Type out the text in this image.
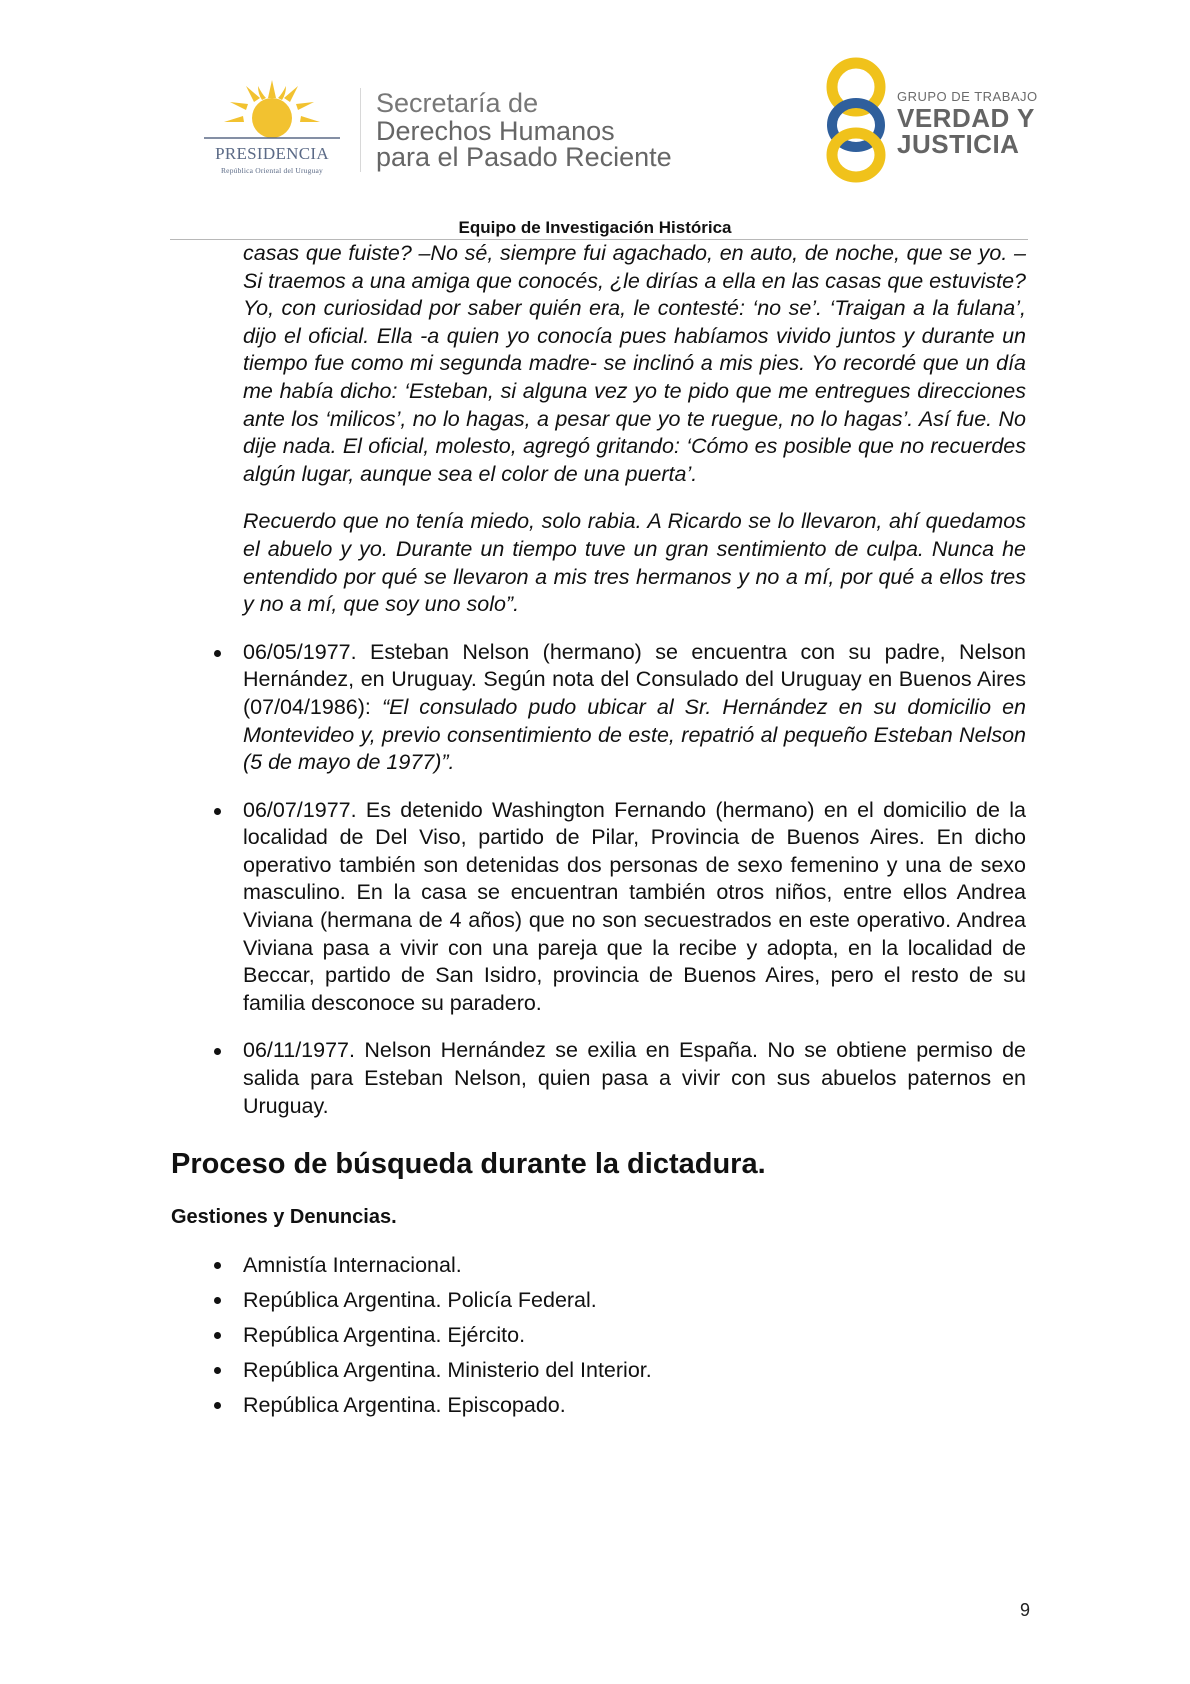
PRESIDENCIA
República Oriental del Uruguay
Secretaría de
Derechos Humanos
para el Pasado Reciente
GRUPO DE TRABAJO
VERDAD Y
JUSTICIA
Equipo de Investigación Histórica

casas que fuiste? –No sé, siempre fui agachado, en auto, de noche, que se yo. –Si traemos a una amiga que conocés, ¿le dirías a ella en las casas que estuviste? Yo, con curiosidad por saber quién era, le contesté: ‘no se’. ‘Traigan a la fulana’, dijo el oficial. Ella -a quien yo conocía pues habíamos vivido juntos y durante un tiempo fue como mi segunda madre- se inclinó a mis pies. Yo recordé que un día me había dicho: ‘Esteban, si alguna vez yo te pido que me entregues direcciones ante los ‘milicos’, no lo hagas, a pesar que yo te ruegue, no lo hagas’. Así fue. No dije nada. El oficial, molesto, agregó gritando: ‘Cómo es posible que no recuerdes algún lugar, aunque sea el color de una puerta’.

Recuerdo que no tenía miedo, solo rabia. A Ricardo se lo llevaron, ahí quedamos el abuelo y yo. Durante un tiempo tuve un gran sentimiento de culpa. Nunca he entendido por qué se llevaron a mis tres hermanos y no a mí, por qué a ellos tres y no a mí, que soy uno solo”.

06/05/1977. Esteban Nelson (hermano) se encuentra con su padre, Nelson Hernández, en Uruguay. Según nota del Consulado del Uruguay en Buenos Aires (07/04/1986): “El consulado pudo ubicar al Sr. Hernández en su domicilio en Montevideo y, previo consentimiento de este, repatrió al pequeño Esteban Nelson (5 de mayo de 1977)”.
06/07/1977. Es detenido Washington Fernando (hermano) en el domicilio de la localidad de Del Viso, partido de Pilar, Provincia de Buenos Aires. En dicho operativo también son detenidas dos personas de sexo femenino y una de sexo masculino. En la casa se encuentran también otros niños, entre ellos Andrea Viviana (hermana de 4 años) que no son secuestrados en este operativo. Andrea Viviana pasa a vivir con una pareja que la recibe y adopta, en la localidad de Beccar, partido de San Isidro, provincia de Buenos Aires, pero el resto de su familia desconoce su paradero.
06/11/1977. Nelson Hernández se exilia en España. No se obtiene permiso de salida para Esteban Nelson, quien pasa a vivir con sus abuelos paternos en Uruguay.
Proceso de búsqueda durante la dictadura.
Gestiones y Denuncias.
Amnistía Internacional.
República Argentina. Policía Federal.
República Argentina. Ejército.
República Argentina. Ministerio del Interior.
República Argentina. Episcopado.
9
